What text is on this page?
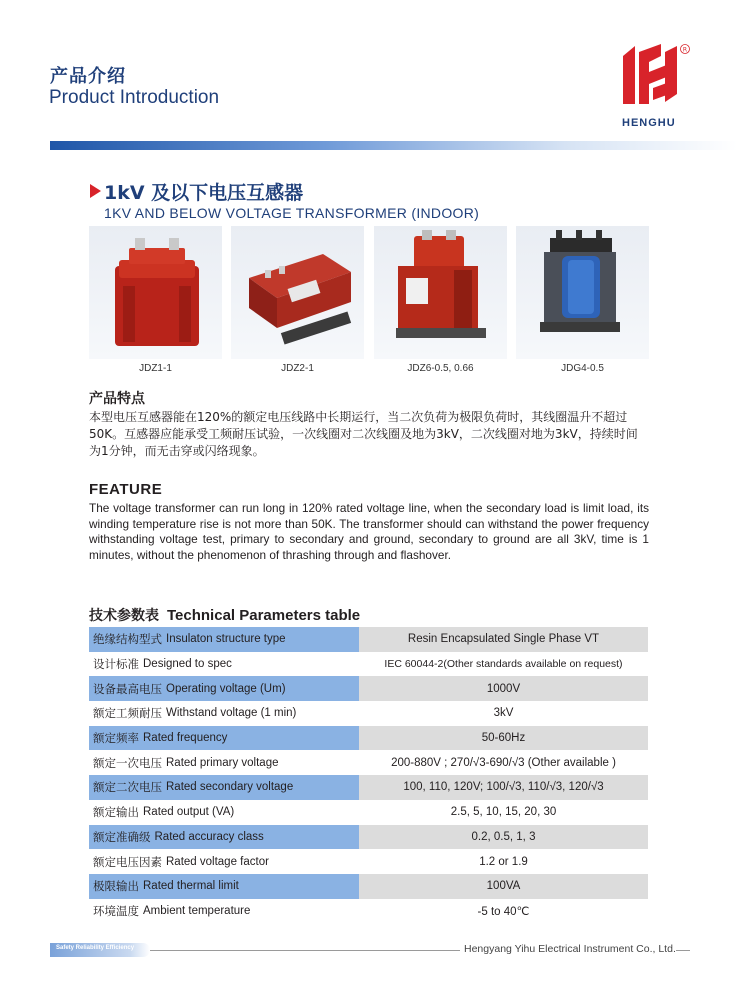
产品介绍
Product Introduction
R
HENGHU
1kV 及以下电压互感器
1KV AND BELOW VOLTAGE TRANSFORMER (INDOOR)
JDZ1-1	JDZ2-1	JDZ6-0.5, 0.66	JDG4-0.5
产品特点
本型电压互感器能在120%的额定电压线路中长期运行，当二次负荷为极限负荷时，其线圈温升不超过50K。互感器应能承受工频耐压试验，一次线圈对二次线圈及地为3kV，二次线圈对地为3kV，持续时间为1分钟，而无击穿或闪络现象。
FEATURE
The voltage transformer can run long in 120% rated voltage line, when the secondary load is limit load, its winding temperature rise is not more than 50K. The transformer should can withstand the power frequency withstanding voltage test, primary to secondary and ground, secondary to ground are all 3kV, time is 1 minutes, without the phenomenon of thrashing through and flashover.
技术参数表 Technical Parameters table
绝缘结构型式 Insulaton structure type	Resin Encapsulated Single Phase VT
设计标准 Designed to spec	IEC 60044-2(Other standards available on request)
设备最高电压 Operating voltage (Um)	1000V
额定工频耐压 Withstand voltage (1 min)	3kV
额定频率 Rated frequency	50-60Hz
额定一次电压 Rated primary voltage	200-880V ; 270/√3-690/√3 (Other available )
额定二次电压 Rated secondary voltage	100, 110, 120V; 100/√3, 110/√3, 120/√3
额定输出 Rated output (VA)	2.5, 5, 10, 15, 20, 30
额定准确级 Rated accuracy class	0.2, 0.5, 1, 3
额定电压因素 Rated voltage factor	1.2 or 1.9
极限输出 Rated thermal limit	100VA
环境温度 Ambient temperature	-5 to 40℃
Safety Reliability Efficiency	Hengyang Yihu Electrical Instrument Co., Ltd.
